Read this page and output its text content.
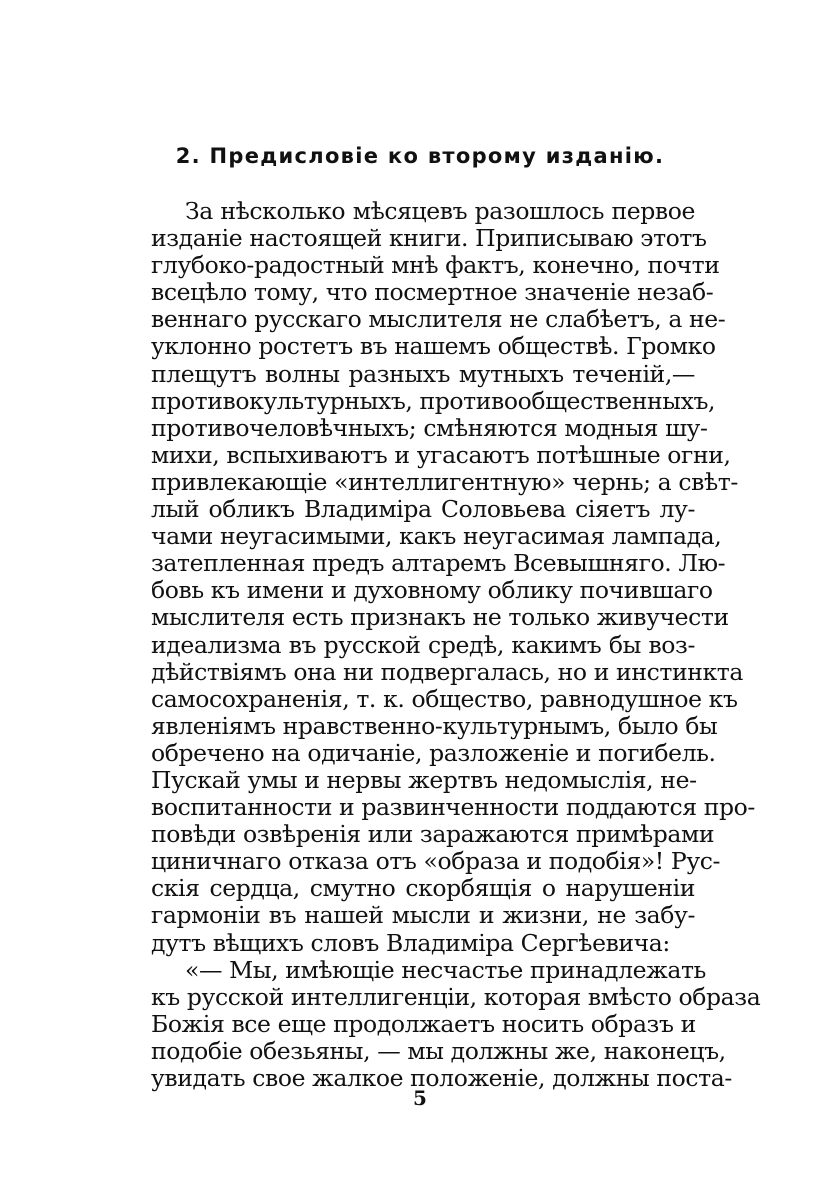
2. Предисловіе ко второму изданію.
За нѣсколько мѣсяцевъ разошлось первое
изданіе настоящей книги. Приписываю этотъ
глубоко-радостный мнѣ фактъ, конечно, почти
всецѣло тому, что посмертное значеніе незаб-
веннаго русскаго мыслителя не слабѣетъ, а не-
уклонно ростетъ въ нашемъ обществѣ. Громко
плещутъ волны разныхъ мутныхъ теченій,—
противокультурныхъ, противообщественныхъ,
противочеловѣчныхъ; смѣняются модныя шу-
михи, вспыхиваютъ и угасаютъ потѣшные огни,
привлекающіе «интеллигентную» чернь; а свѣт-
лый обликъ Владиміра Соловьева сіяетъ лу-
чами неугасимыми, какъ неугасимая лампада,
затепленная предъ алтаремъ Всевышняго. Лю-
бовь къ имени и духовному облику почившаго
мыслителя есть признакъ не только живучести
идеализма въ русской средѣ, какимъ бы воз-
дѣйствіямъ она ни подвергалась, но и инстинкта
самосохраненія, т. к. общество, равнодушное къ
явленіямъ нравственно-культурнымъ, было бы
обречено на одичаніе, разложеніе и погибель.
Пускай умы и нервы жертвъ недомыслія, не-
воспитанности и развинченности поддаются про-
повѣди озвѣренія или заражаются примѣрами
циничнаго отказа отъ «образа и подобія»! Рус-
скія сердца, смутно скорбящія о нарушеніи
гармоніи въ нашей мысли и жизни, не забу-
дутъ вѣщихъ словъ Владиміра Сергѣевича:
«— Мы, имѣющіе несчастье принадлежать
къ русской интеллигенціи, которая вмѣсто образа
Божія все еще продолжаетъ носить образъ и
подобіе обезьяны, — мы должны же, наконецъ,
увидать свое жалкое положеніе, должны поста-
5
